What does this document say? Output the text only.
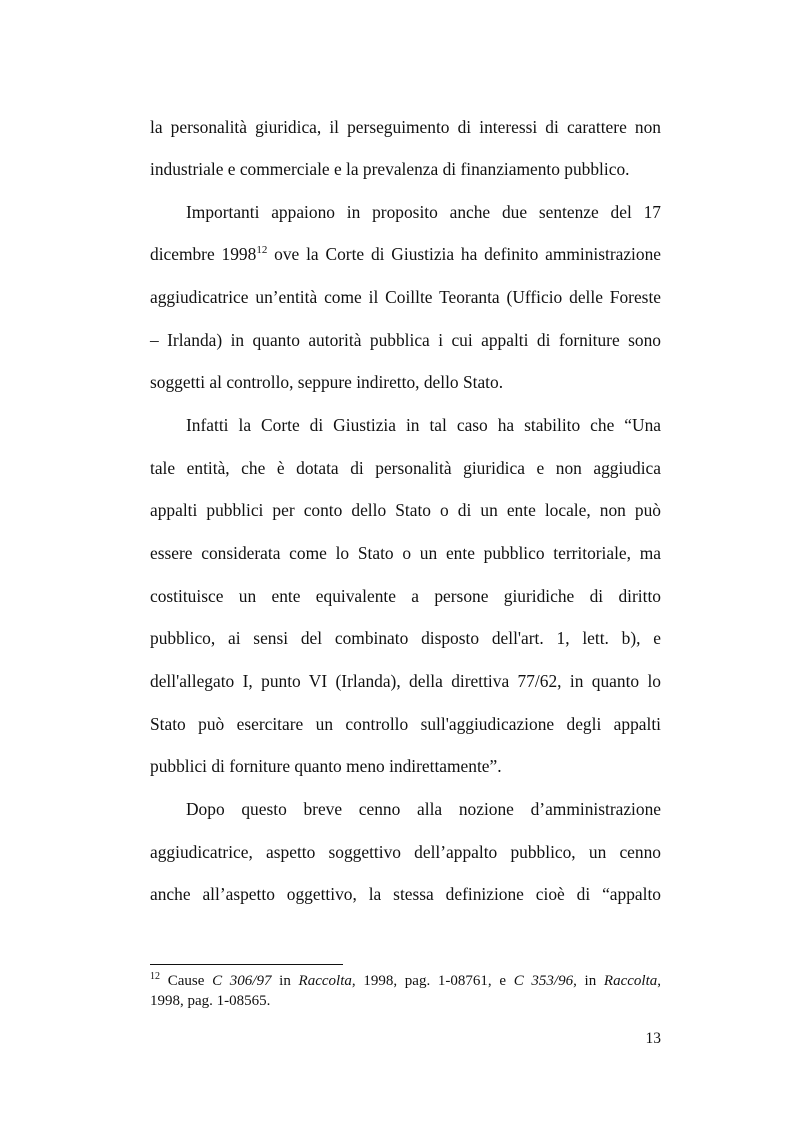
la personalità giuridica, il perseguimento di interessi di carattere non
industriale e commerciale e la prevalenza di finanziamento pubblico.
Importanti appaiono in proposito anche due sentenze del 17
dicembre 1998$^{12}$ ove la Corte di Giustizia ha definito amministrazione
aggiudicatrice un’entità come il Coillte Teoranta (Ufficio delle Foreste
– Irlanda) in quanto autorità pubblica i cui appalti di forniture sono
soggetti al controllo, seppure indiretto, dello Stato.
Infatti la Corte di Giustizia in tal caso ha stabilito che “Una
tale entità, che è dotata di personalità giuridica e non aggiudica
appalti pubblici per conto dello Stato o di un ente locale, non può
essere considerata come lo Stato o un ente pubblico territoriale, ma
costituisce un ente equivalente a persone giuridiche di diritto
pubblico, ai sensi del combinato disposto dell'art. 1, lett. b), e
dell'allegato I, punto VI (Irlanda), della direttiva 77/62, in quanto lo
Stato può esercitare un controllo sull'aggiudicazione degli appalti
pubblici di forniture quanto meno indirettamente”.
Dopo questo breve cenno alla nozione d’amministrazione
aggiudicatrice, aspetto soggettivo dell’appalto pubblico, un cenno
anche all’aspetto oggettivo, la stessa definizione cioè di “appalto
$^{12}$ Cause C 306/97 in Raccolta, 1998, pag. 1-08761, e C 353/96, in Raccolta,
1998, pag. 1-08565.
13
